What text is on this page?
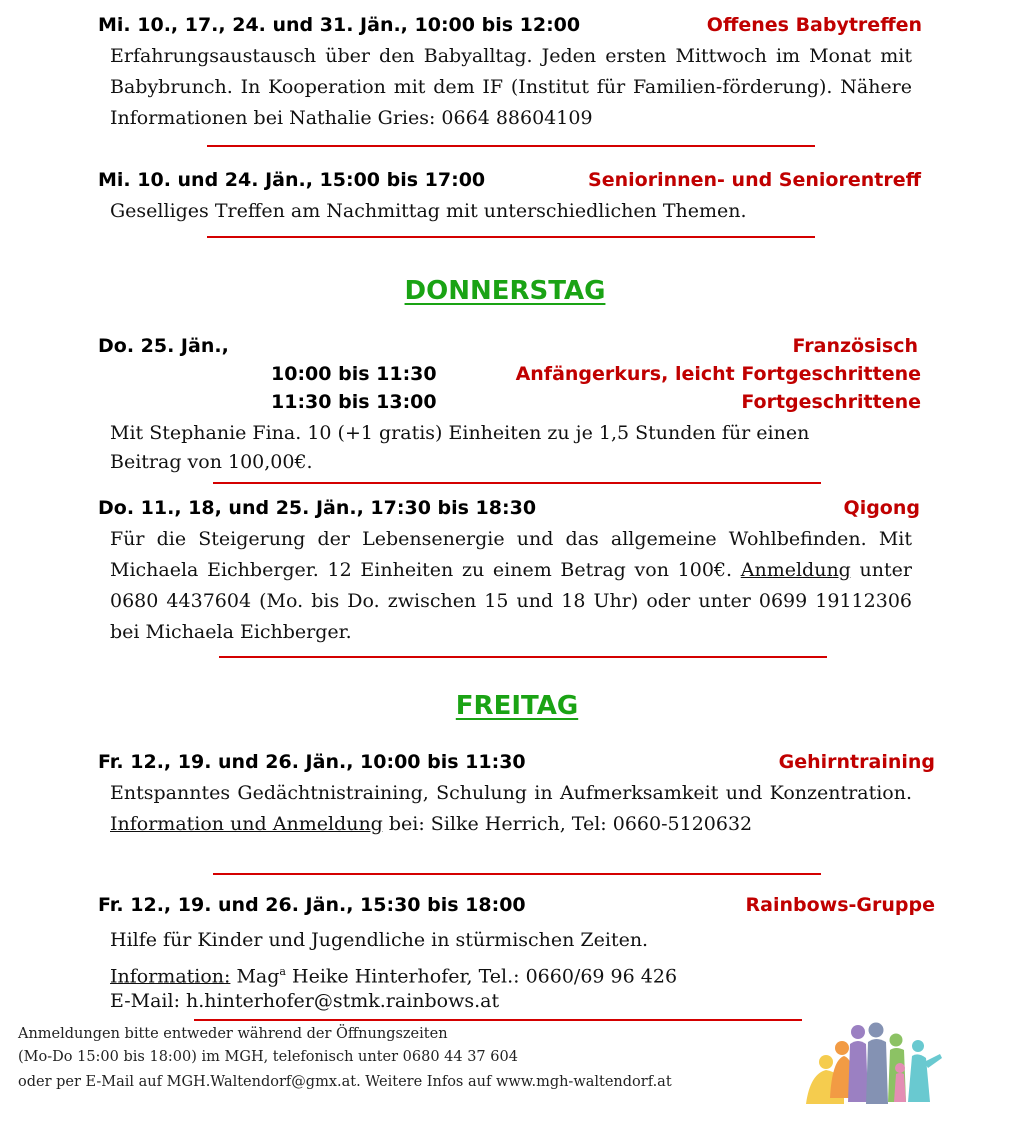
Mi. 10., 17., 24. und 31. Jän., 10:00 bis 12:00	Offenes Babytreffen
Erfahrungsaustausch über den Babyalltag. Jeden ersten Mittwoch im Monat mit Babybrunch. In Kooperation mit dem IF (Institut für Familien-förderung). Nähere Informationen bei Nathalie Gries: 0664 88604109
Mi. 10. und 24. Jän., 15:00 bis 17:00	Seniorinnen- und Seniorentreff
Geselliges Treffen am Nachmittag mit unterschiedlichen Themen.
DONNERSTAG
Do. 25. Jän.,	Französisch
10:00 bis 11:30	Anfängerkurs, leicht Fortgeschrittene
11:30 bis 13:00	Fortgeschrittene
Mit Stephanie Fina. 10 (+1 gratis) Einheiten zu je 1,5 Stunden für einen
Beitrag von 100,00€.
Do. 11., 18, und 25. Jän., 17:30 bis 18:30	Qigong
Für die Steigerung der Lebensenergie und das allgemeine Wohlbefinden. Mit Michaela Eichberger. 12 Einheiten zu einem Betrag von 100€. Anmeldung unter 0680 4437604 (Mo. bis Do. zwischen 15 und 18 Uhr) oder unter 0699 19112306 bei Michaela Eichberger.
FREITAG
Fr. 12., 19. und 26. Jän., 10:00 bis 11:30	Gehirntraining
Entspanntes Gedächtnistraining, Schulung in Aufmerksamkeit und Konzentration. Information und Anmeldung bei: Silke Herrich, Tel: 0660-5120632
Fr. 12., 19. und 26. Jän., 15:30 bis 18:00	Rainbows-Gruppe
Hilfe für Kinder und Jugendliche in stürmischen Zeiten.
Information: Mag$^a$ Heike Hinterhofer, Tel.: 0660/69 96 426
E-Mail: h.hinterhofer@stmk.rainbows.at
Anmeldungen bitte entweder während der Öffnungszeiten
(Mo-Do 15:00 bis 18:00) im MGH, telefonisch unter 0680 44 37 604
oder per E-Mail auf MGH.Waltendorf@gmx.at. Weitere Infos auf www.mgh-waltendorf.at
